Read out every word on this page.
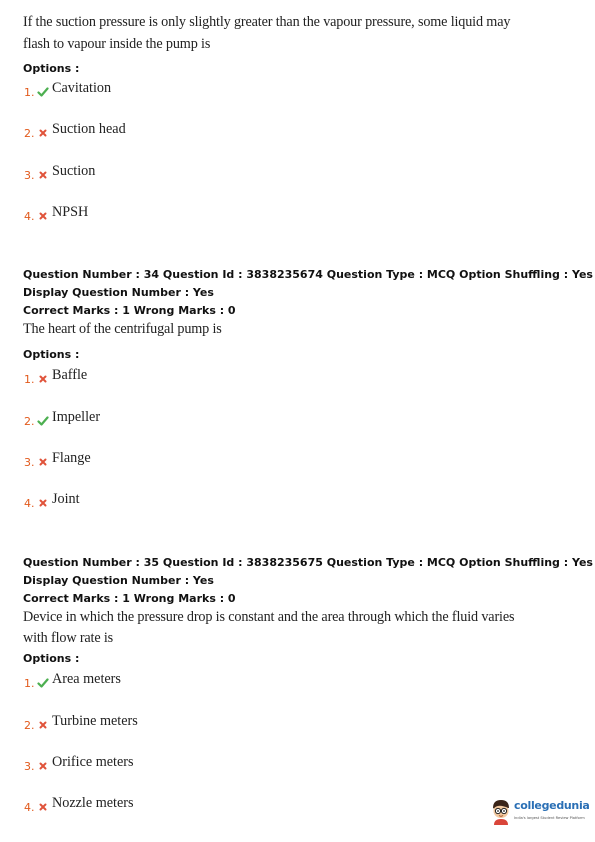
If the suction pressure is only slightly greater than the vapour pressure, some liquid may
flash to vapour inside the pump is
Options :
1. Cavitation
2. Suction head
3. Suction
4. NPSH
Question Number : 34 Question Id : 3838235674 Question Type : MCQ Option Shuffling : Yes
Display Question Number : Yes
Correct Marks : 1 Wrong Marks : 0
The heart of the centrifugal pump is
Options :
1. Baffle
2. Impeller
3. Flange
4. Joint
Question Number : 35 Question Id : 3838235675 Question Type : MCQ Option Shuffling : Yes
Display Question Number : Yes
Correct Marks : 1 Wrong Marks : 0
Device in which the pressure drop is constant and the area through which the fluid varies
with flow rate is
Options :
1. Area meters
2. Turbine meters
3. Orifice meters
4. Nozzle meters	collegedunia
India's largest Student Review Platform
